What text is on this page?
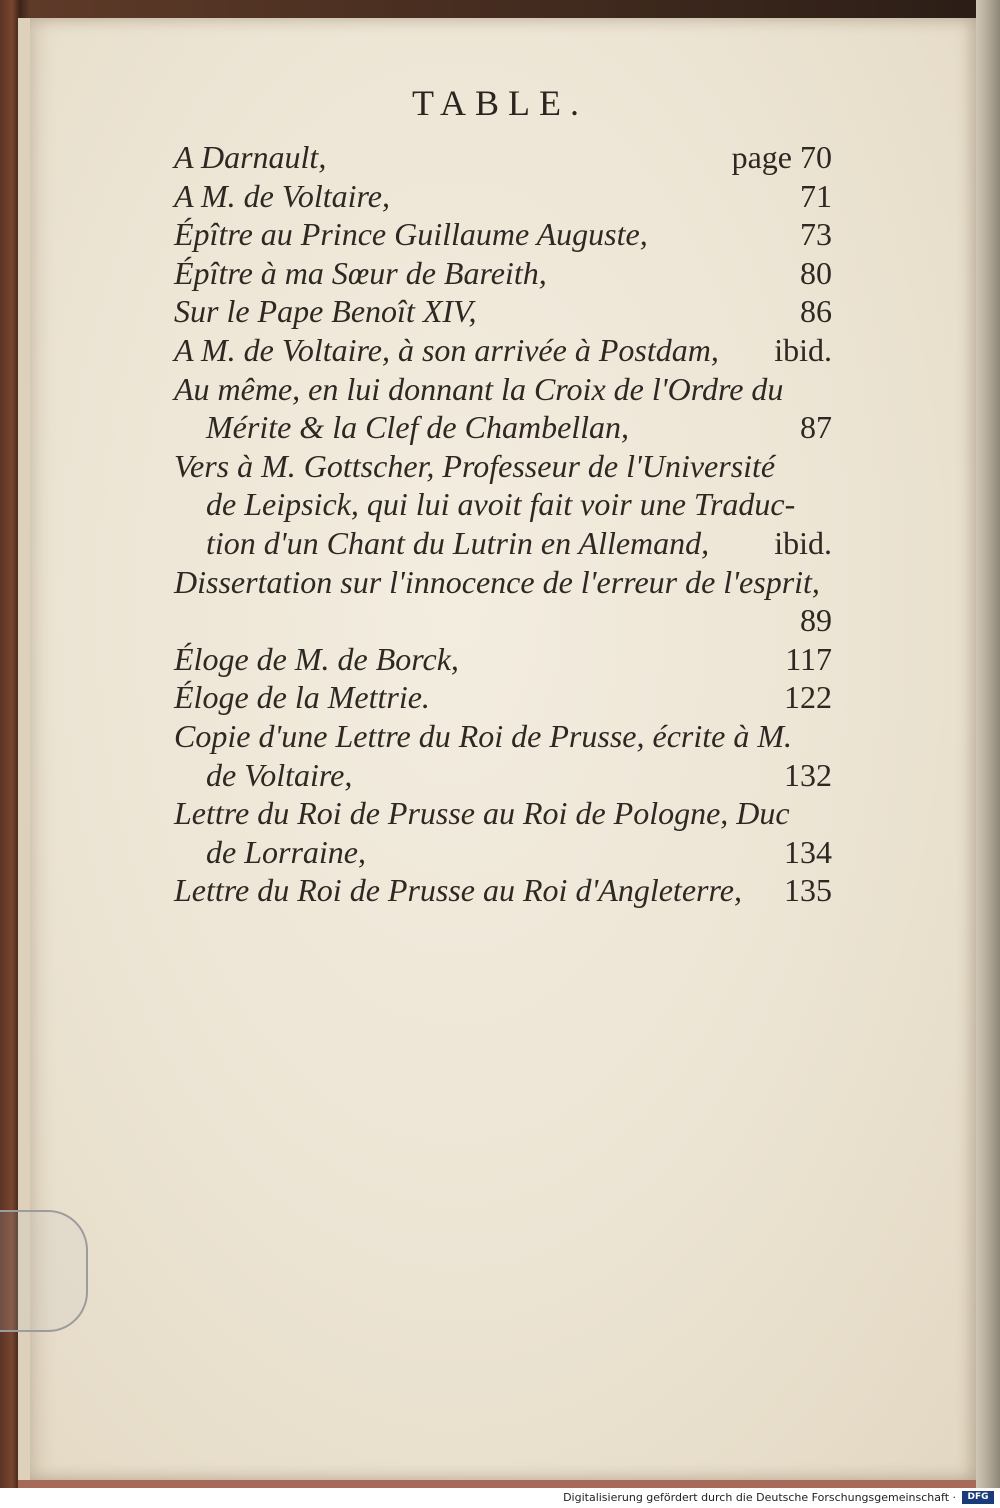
TABLE.
A Darnault,	page 70
A M. de Voltaire,	71
Épître au Prince Guillaume Auguste,	73
Épître à ma Sœur de Bareith,	80
Sur le Pape Benoît XIV,	86
A M. de Voltaire, à son arrivée à Postdam, ibid.
Au même, en lui donnant la Croix de l'Ordre du
Mérite & la Clef de Chambellan,	87
Vers à M. Gottscher, Professeur de l'Université
de Leipsick, qui lui avoit fait voir une Traduc-
tion d'un Chant du Lutrin en Allemand, ibid.
Dissertation sur l'innocence de l'erreur de l'esprit,
89
Éloge de M. de Borck,	117
Éloge de la Mettrie.	122
Copie d'une Lettre du Roi de Prusse, écrite à M.
de Voltaire,	132
Lettre du Roi de Prusse au Roi de Pologne, Duc
de Lorraine,	134
Lettre du Roi de Prusse au Roi d'Angleterre, 135
Digitalisierung gefördert durch die Deutsche Forschungsgemeinschaft ·	DFG
